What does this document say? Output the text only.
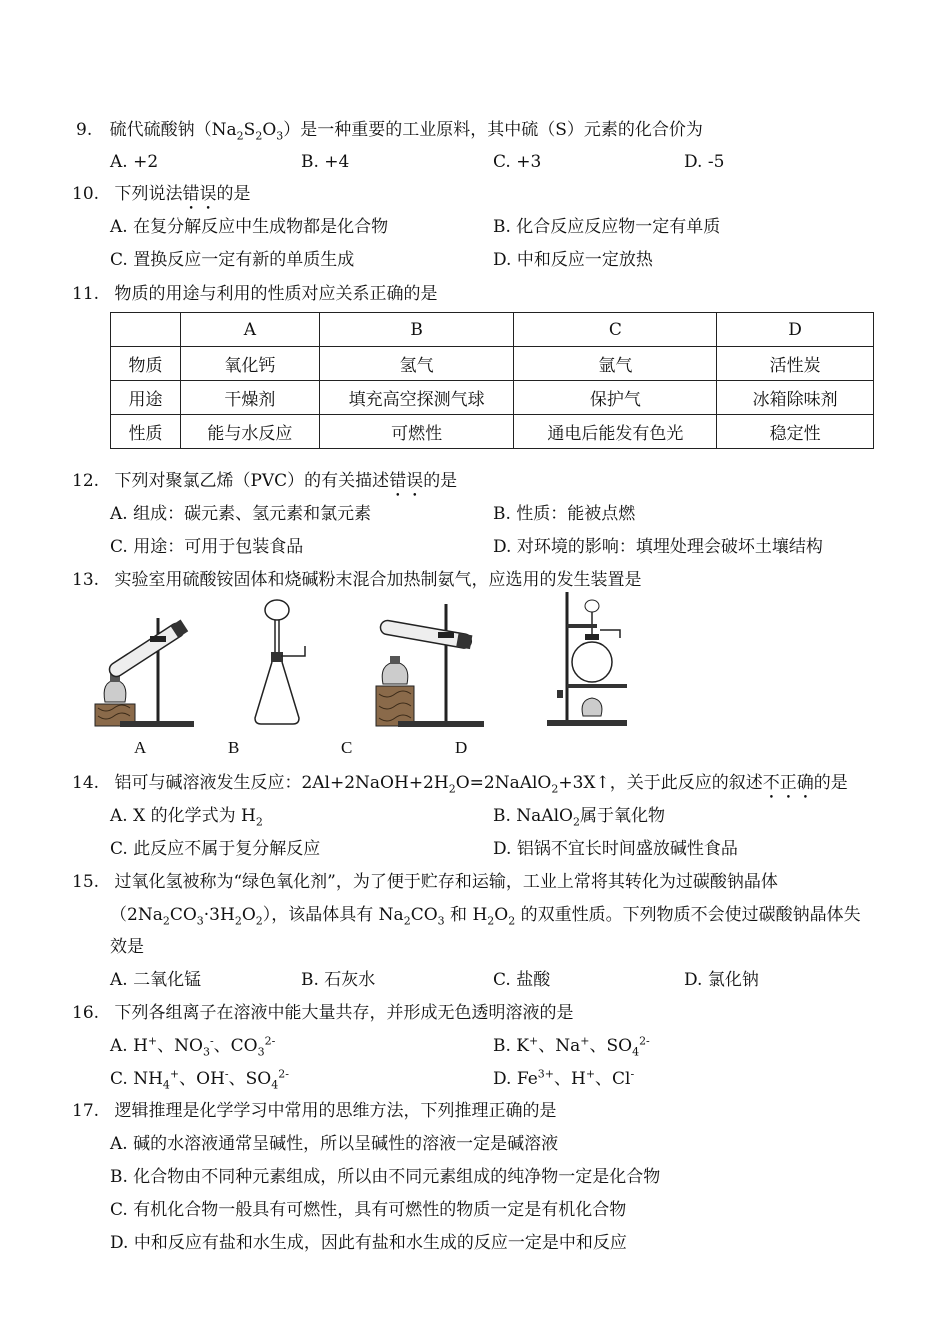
9. 硫代硫酸钠$(Na_2S_2O_3)$是一种重要的工业原料，其中硫（S）元素的化合价为
A. +2	B. +4	C. +3	D. -5
10. 下列说法错误的是
A. 在复分解反应中生成物都是化合物	B. 化合反应反应物一定有单质
C. 置换反应一定有新的单质生成	D. 中和反应一定放热
11. 物质的用途与利用的性质对应关系正确的是
	A	B	C	D
物质	氧化钙	氢气	氩气	活性炭
用途	干燥剂	填充高空探测气球	保护气	冰箱除味剂
性质	能与水反应	可燃性	通电后能发有色光	稳定性
12. 下列对聚氯乙烯（PVC）的有关描述错误的是
A. 组成：碳元素、氢元素和氯元素	B. 性质：能被点燃
C. 用途：可用于包装食品	D. 对环境的影响：填埋处理会破坏土壤结构
13. 实验室用硫酸铵固体和烧碱粉末混合加热制氨气，应选用的发生装置是
A	B	C	D
14. 铝可与碱溶液发生反应：$2Al+2NaOH+2H_2O=2NaAlO_2+3X↑$，关于此反应的叙述不正确的是
A. X 的化学式为 $H_2$	B. NaAlO$_2$属于氧化物
C. 此反应不属于复分解反应	D. 铝锅不宜长时间盛放碱性食品
15. 过氧化氢被称为“绿色氧化剂”，为了便于贮存和运输，工业上常将其转化为过碳酸钠晶体
$(2Na_2CO_3\cdot 3H_2O_2)$，该晶体具有 $Na_2CO_3$ 和 $H_2O_2$ 的双重性质。下列物质不会使过碳酸钠晶体失
效是
A. 二氧化锰	B. 石灰水	C. 盐酸	D. 氯化钠
16. 下列各组离子在溶液中能大量共存，并形成无色透明溶液的是
A. H+、$NO_3^-$、$CO_3^{2-}$	B. K+、Na+、$SO_4^{2-}$
C. $NH_4^+$、OH-、$SO_4^{2-}$	D. $Fe^{3+}$、H+、Cl-
17. 逻辑推理是化学学习中常用的思维方法，下列推理正确的是
A. 碱的水溶液通常呈碱性，所以呈碱性的溶液一定是碱溶液
B. 化合物由不同种元素组成，所以由不同元素组成的纯净物一定是化合物
C. 有机化合物一般具有可燃性，具有可燃性的物质一定是有机化合物
D. 中和反应有盐和水生成，因此有盐和水生成的反应一定是中和反应
